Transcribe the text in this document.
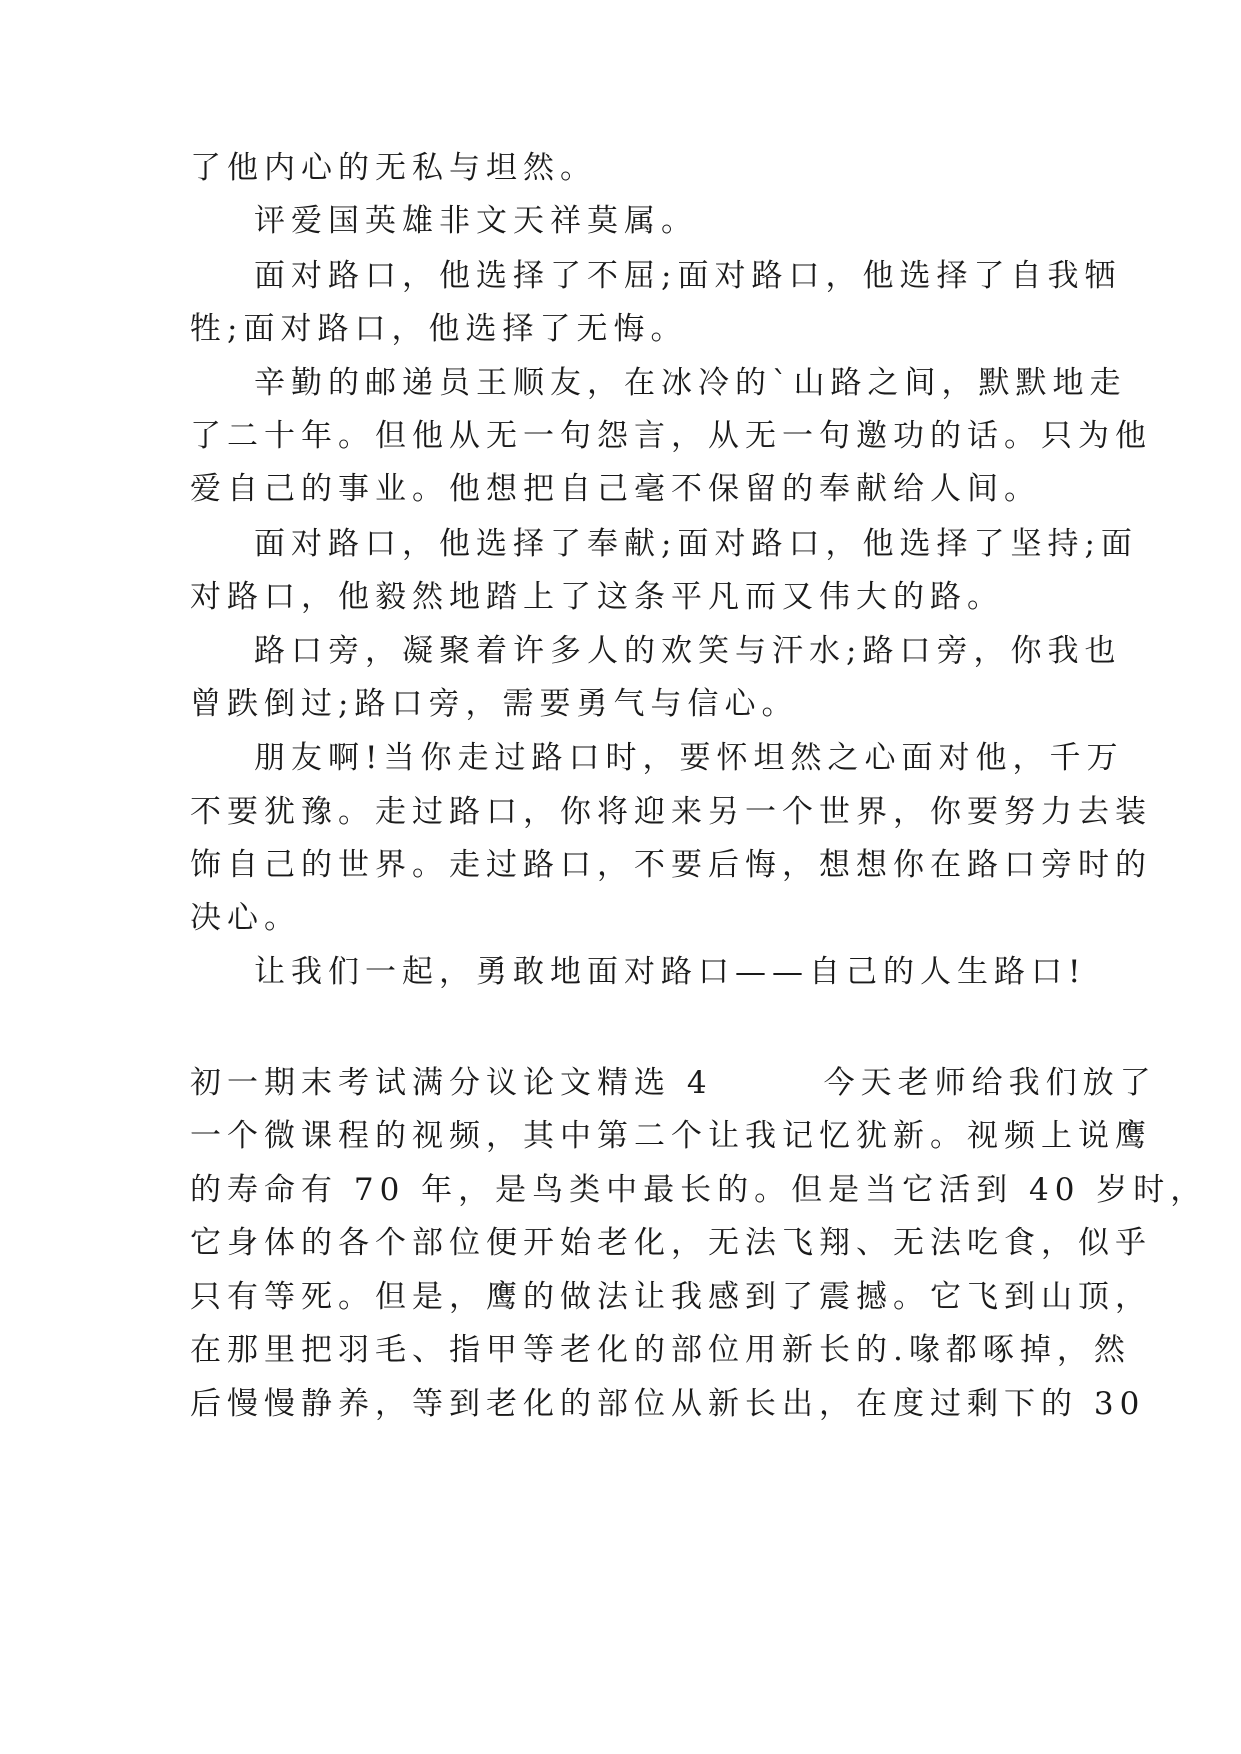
了他内心的无私与坦然。
评爱国英雄非文天祥莫属。
面对路口，他选择了不屈;面对路口，他选择了自我牺
牲;面对路口，他选择了无悔。
辛勤的邮递员王顺友，在冰冷的`山路之间，默默地走
了二十年。但他从无一句怨言，从无一句邀功的话。只为他
爱自己的事业。他想把自己毫不保留的奉献给人间。
面对路口，他选择了奉献;面对路口，他选择了坚持;面
对路口，他毅然地踏上了这条平凡而又伟大的路。
路口旁，凝聚着许多人的欢笑与汗水;路口旁，你我也
曾跌倒过;路口旁，需要勇气与信心。
朋友啊!当你走过路口时，要怀坦然之心面对他，千万
不要犹豫。走过路口，你将迎来另一个世界，你要努力去装
饰自己的世界。走过路口，不要后悔，想想你在路口旁时的
决心。
让我们一起，勇敢地面对路口——自己的人生路口!
初一期末考试满分议论文精选 4　　　今天老师给我们放了
一个微课程的视频，其中第二个让我记忆犹新。视频上说鹰
的寿命有 70 年，是鸟类中最长的。但是当它活到 40 岁时，
它身体的各个部位便开始老化，无法飞翔、无法吃食，似乎
只有等死。但是，鹰的做法让我感到了震撼。它飞到山顶，
在那里把羽毛、指甲等老化的部位用新长的.喙都啄掉，然
后慢慢静养，等到老化的部位从新长出，在度过剩下的 30
